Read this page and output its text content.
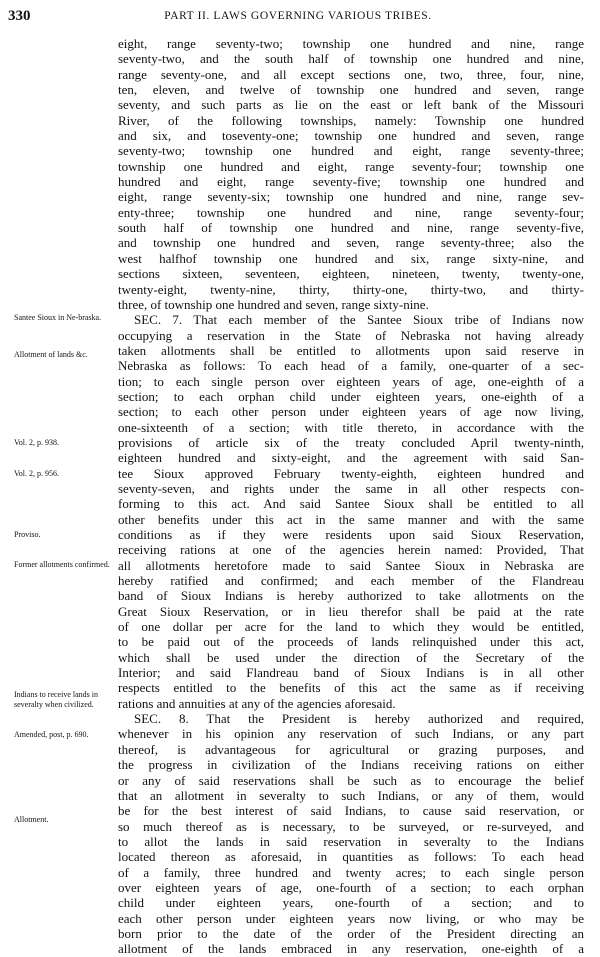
330	PART II. LAWS GOVERNING VARIOUS TRIBES.
Santee Sioux in Ne-braska.
Allotment of lands &c.
Vol. 2, p. 938.
Vol. 2, p. 956.
Proviso.
Former allotments confirmed.
Indians to receive lands in severalty when civilized.
Amended, post, p. 690.
Allotment.
eight, range seventy-two; township one hundred and nine, range
seventy-two, and the south half of township one hundred and nine,
range seventy-one, and all except sections one, two, three, four, nine,
ten, eleven, and twelve of township one hundred and seven, range
seventy, and such parts as lie on the east or left bank of the Missouri
River, of the following townships, namely: Township one hundred
and six, and toseventy-one; township one hundred and seven, range
seventy-two; township one hundred and eight, range seventy-three;
township one hundred and eight, range seventy-four; township one
hundred and eight, range seventy-five; township one hundred and
eight, range seventy-six; township one hundred and nine, range sev-
enty-three; township one hundred and nine, range seventy-four;
south half of township one hundred and nine, range seventy-five,
and township one hundred and seven, range seventy-three; also the
west halfhof township one hundred and six, range sixty-nine, and
sections sixteen, seventeen, eighteen, nineteen, twenty, twenty-one,
twenty-eight, twenty-nine, thirty, thirty-one, thirty-two, and thirty-
three, of township one hundred and seven, range sixty-nine.
SEC. 7. That each member of the Santee Sioux tribe of Indians now
occupying a reservation in the State of Nebraska not having already
taken allotments shall be entitled to allotments upon said reserve in
Nebraska as follows: To each head of a family, one-quarter of a sec-
tion; to each single person over eighteen years of age, one-eighth of a
section; to each orphan child under eighteen years, one-eighth of a
section; to each other person under eighteen years of age now living,
one-sixteenth of a section; with title thereto, in accordance with the
provisions of article six of the treaty concluded April twenty-ninth,
eighteen hundred and sixty-eight, and the agreement with said San-
tee Sioux approved February twenty-eighth, eighteen hundred and
seventy-seven, and rights under the same in all other respects con-
forming to this act. And said Santee Sioux shall be entitled to all
other benefits under this act in the same manner and with the same
conditions as if they were residents upon said Sioux Reservation,
receiving rations at one of the agencies herein named: Provided, That
all allotments heretofore made to said Santee Sioux in Nebraska are
hereby ratified and confirmed; and each member of the Flandreau
band of Sioux Indians is hereby authorized to take allotments on the
Great Sioux Reservation, or in lieu therefor shall be paid at the rate
of one dollar per acre for the land to which they would be entitled,
to be paid out of the proceeds of lands relinquished under this act,
which shall be used under the direction of the Secretary of the
Interior; and said Flandreau band of Sioux Indians is in all other
respects entitled to the benefits of this act the same as if receiving
rations and annuities at any of the agencies aforesaid.
SEC. 8. That the President is hereby authorized and required,
whenever in his opinion any reservation of such Indians, or any part
thereof, is advantageous for agricultural or grazing purposes, and
the progress in civilization of the Indians receiving rations on either
or any of said reservations shall be such as to encourage the belief
that an allotment in severalty to such Indians, or any of them, would
be for the best interest of said Indians, to cause said reservation, or
so much thereof as is necessary, to be surveyed, or re-surveyed, and
to allot the lands in said reservation in severalty to the Indians
located thereon as aforesaid, in quantities as follows: To each head
of a family, three hundred and twenty acres; to each single person
over eighteen years of age, one-fourth of a section; to each orphan
child under eighteen years, one-fourth of a section; and to
each other person under eighteen years now living, or who may be
born prior to the date of the order of the President directing an
allotment of the lands embraced in any reservation, one-eighth of a
